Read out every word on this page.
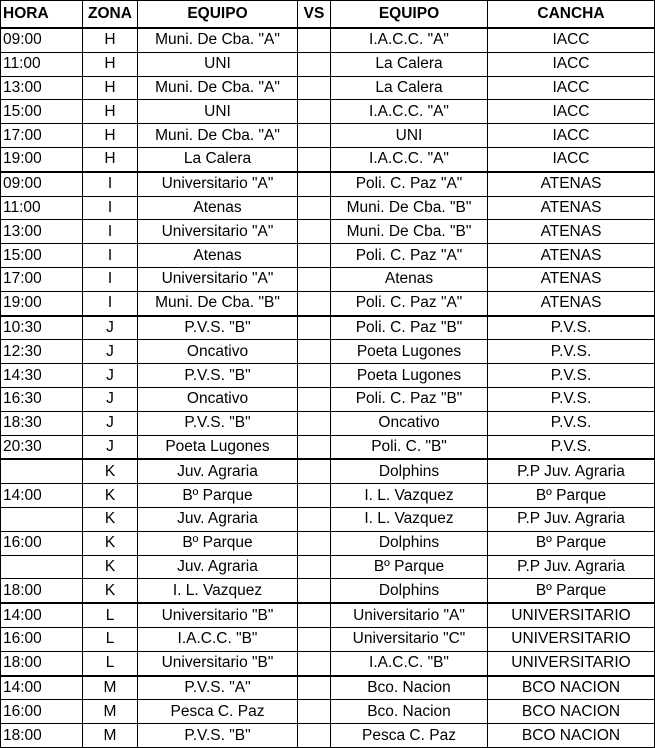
HORA	ZONA	EQUIPO	VS	EQUIPO	CANCHA
09:00	H	Muni. De Cba. "A"		I.A.C.C. "A"	IACC
11:00	H	UNI		La Calera	IACC
13:00	H	Muni. De Cba. "A"		La Calera	IACC
15:00	H	UNI		I.A.C.C. "A"	IACC
17:00	H	Muni. De Cba. "A"		UNI	IACC
19:00	H	La Calera		I.A.C.C. "A"	IACC
09:00	I	Universitario "A"		Poli. C. Paz "A"	ATENAS
11:00	I	Atenas		Muni. De Cba. "B"	ATENAS
13:00	I	Universitario "A"		Muni. De Cba. "B"	ATENAS
15:00	I	Atenas		Poli. C. Paz "A"	ATENAS
17:00	I	Universitario "A"		Atenas	ATENAS
19:00	I	Muni. De Cba. "B"		Poli. C. Paz "A"	ATENAS
10:30	J	P.V.S. "B"		Poli. C. Paz "B"	P.V.S.
12:30	J	Oncativo		Poeta Lugones	P.V.S.
14:30	J	P.V.S. "B"		Poeta Lugones	P.V.S.
16:30	J	Oncativo		Poli. C. Paz "B"	P.V.S.
18:30	J	P.V.S. "B"		Oncativo	P.V.S.
20:30	J	Poeta Lugones		Poli. C. "B"	P.V.S.
	K	Juv. Agraria		Dolphins	P.P Juv. Agraria
14:00	K	Bº Parque		I. L. Vazquez	Bº Parque
	K	Juv. Agraria		I. L. Vazquez	P.P Juv. Agraria
16:00	K	Bº Parque		Dolphins	Bº Parque
	K	Juv. Agraria		Bº Parque	P.P Juv. Agraria
18:00	K	I. L. Vazquez		Dolphins	Bº Parque
14:00	L	Universitario "B"		Universitario "A"	UNIVERSITARIO
16:00	L	I.A.C.C. "B"		Universitario "C"	UNIVERSITARIO
18:00	L	Universitario "B"		I.A.C.C. "B"	UNIVERSITARIO
14:00	M	P.V.S. "A"		Bco. Nacion	BCO NACION
16:00	M	Pesca C. Paz		Bco. Nacion	BCO NACION
18:00	M	P.V.S. "B"		Pesca C. Paz	BCO NACION
